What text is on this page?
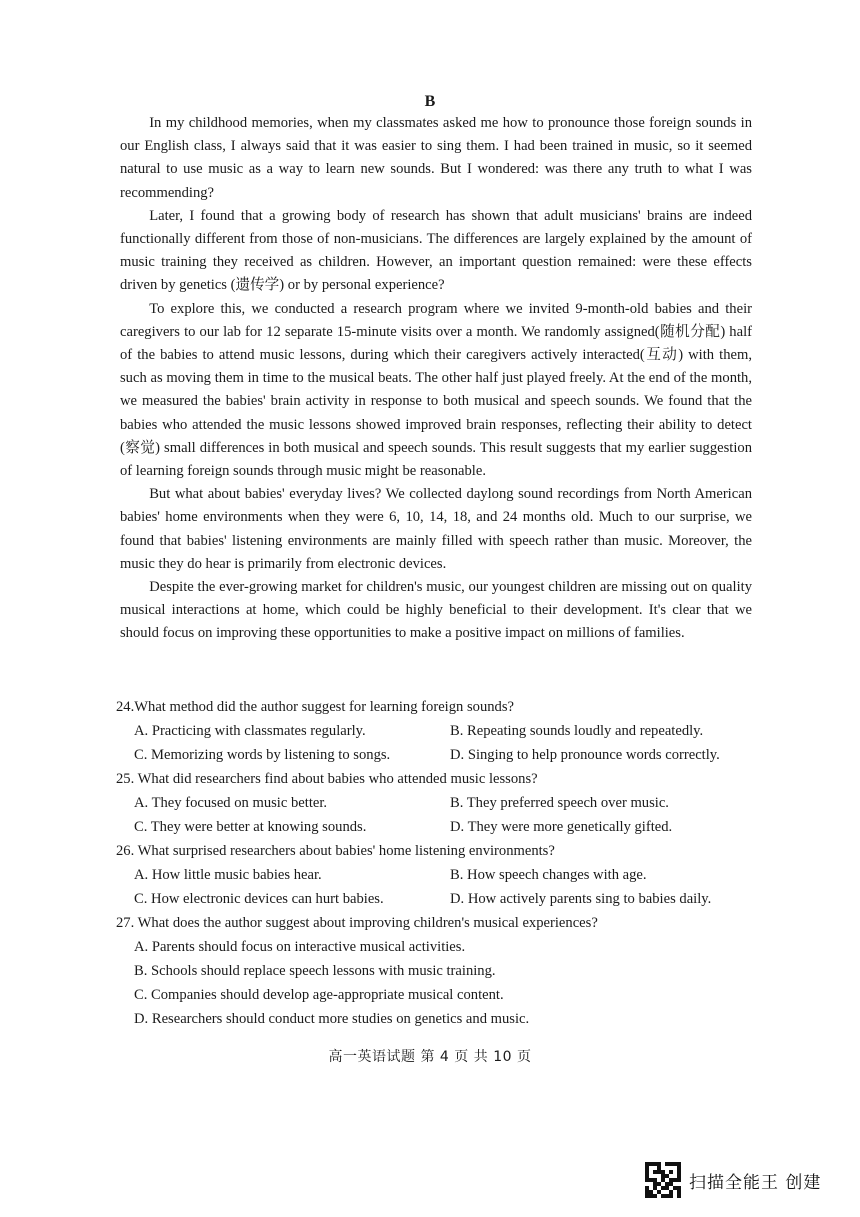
B

In my childhood memories, when my classmates asked me how to pronounce those foreign sounds in our English class, I always said that it was easier to sing them. I had been trained in music, so it seemed natural to use music as a way to learn new sounds. But I wondered: was there any truth to what I was recommending?

Later, I found that a growing body of research has shown that adult musicians' brains are indeed functionally different from those of non-musicians. The differences are largely explained by the amount of music training they received as children. However, an important question remained: were these effects driven by genetics (遗传学) or by personal experience?

To explore this, we conducted a research program where we invited 9-month-old babies and their caregivers to our lab for 12 separate 15-minute visits over a month. We randomly assigned(随机分配) half of the babies to attend music lessons, during which their caregivers actively interacted(互动) with them, such as moving them in time to the musical beats. The other half just played freely. At the end of the month, we measured the babies' brain activity in response to both musical and speech sounds. We found that the babies who attended the music lessons showed improved brain responses, reflecting their ability to detect (察觉) small differences in both musical and speech sounds. This result suggests that my earlier suggestion of learning foreign sounds through music might be reasonable.

But what about babies' everyday lives? We collected daylong sound recordings from North American babies' home environments when they were 6, 10, 14, 18, and 24 months old. Much to our surprise, we found that babies' listening environments are mainly filled with speech rather than music. Moreover, the music they do hear is primarily from electronic devices.

Despite the ever-growing market for children's music, our youngest children are missing out on quality musical interactions at home, which could be highly beneficial to their development. It's clear that we should focus on improving these opportunities to make a positive impact on millions of families.

24.What method did the author suggest for learning foreign sounds?

A. Practicing with classmates regularly.	B. Repeating sounds loudly and repeatedly.
C. Memorizing words by listening to songs.	D. Singing to help pronounce words correctly.

25. What did researchers find about babies who attended music lessons?

A. They focused on music better.	B. They preferred speech over music.
C. They were better at knowing sounds.	D. They were more genetically gifted.

26. What surprised researchers about babies' home listening environments?

A. How little music babies hear.	B. How speech changes with age.
C. How electronic devices can hurt babies.	D. How actively parents sing to babies daily.

27. What does the author suggest about improving children's musical experiences?

A. Parents should focus on interactive musical activities.
B. Schools should replace speech lessons with music training.
C. Companies should develop age-appropriate musical content.
D. Researchers should conduct more studies on genetics and music.
高一英语试题 第 4 页 共 10 页
扫描全能王 创建
